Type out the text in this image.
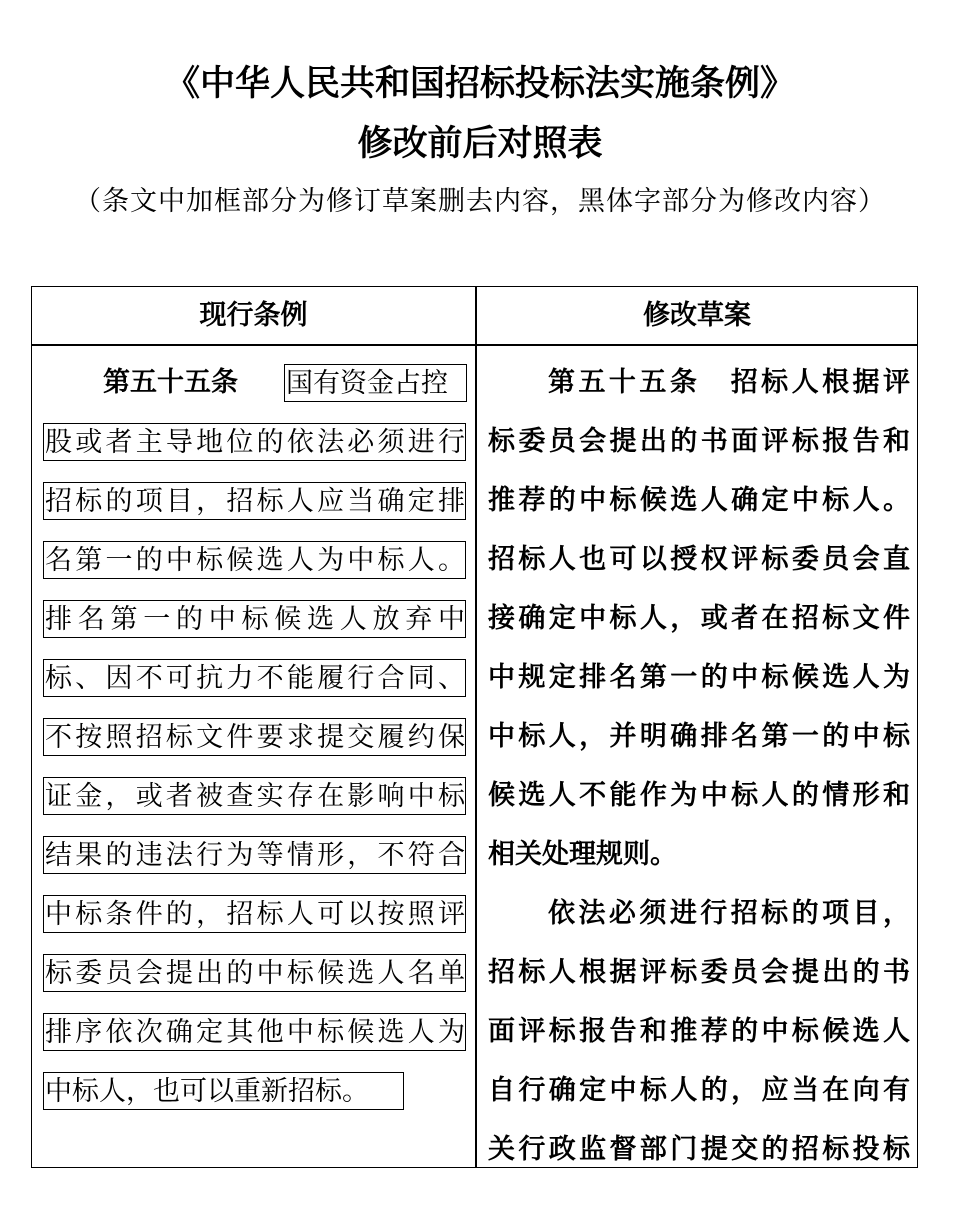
《中华人民共和国招标投标法实施条例》
修改前后对照表
（条文中加框部分为修订草案删去内容，黑体字部分为修改内容）
现行条例	修改草案
第五十五条 国有资金占控
股或者主导地位的依法必须进行
招标的项目，招标人应当确定排
名第一的中标候选人为中标人。
排名第一的中标候选人放弃中
标、因不可抗力不能履行合同、
不按照招标文件要求提交履约保
证金，或者被查实存在影响中标
结果的违法行为等情形，不符合
中标条件的，招标人可以按照评
标委员会提出的中标候选人名单
排序依次确定其他中标候选人为
中标人，也可以重新招标。
第五十五条　招标人根据评
标委员会提出的书面评标报告和
推荐的中标候选人确定中标人。
招标人也可以授权评标委员会直
接确定中标人，或者在招标文件
中规定排名第一的中标候选人为
中标人，并明确排名第一的中标
候选人不能作为中标人的情形和
相关处理规则。
依法必须进行招标的项目，
招标人根据评标委员会提出的书
面评标报告和推荐的中标候选人
自行确定中标人的，应当在向有
关行政监督部门提交的招标投标
